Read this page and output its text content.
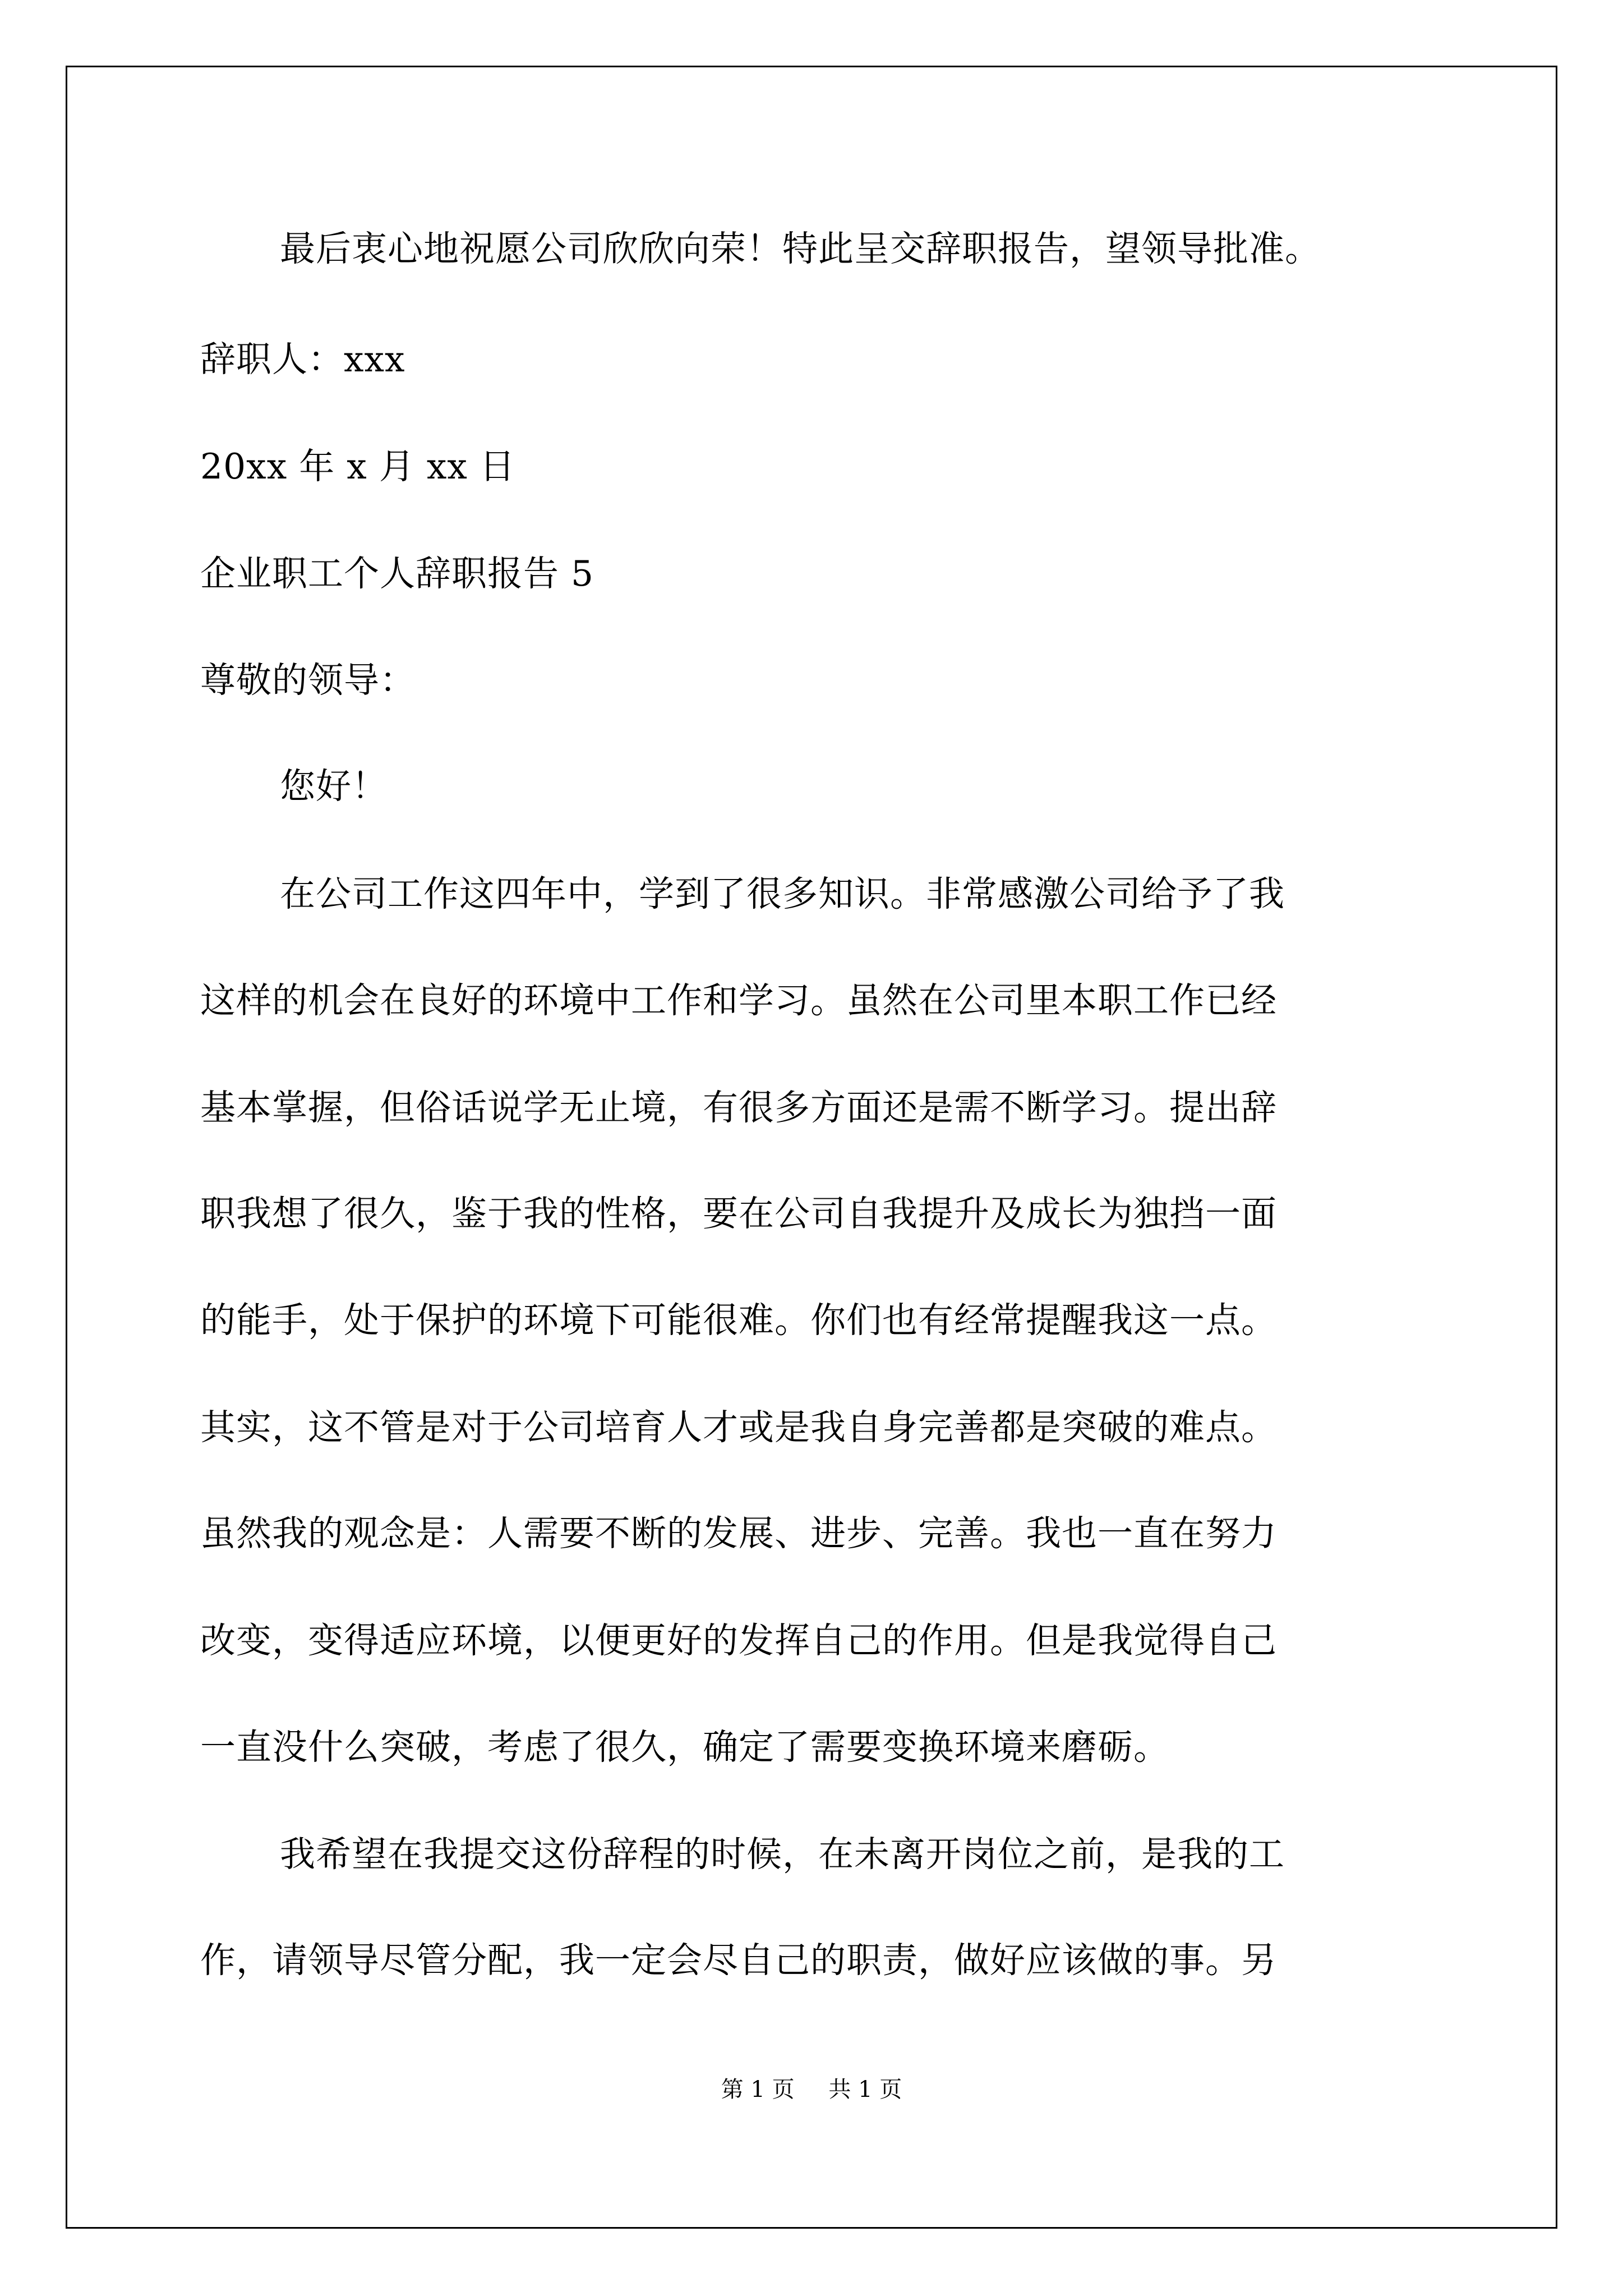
最后衷心地祝愿公司欣欣向荣！特此呈交辞职报告，望领导批准。
辞职人：xxx
20xx 年 x 月 xx 日
企业职工个人辞职报告 5
尊敬的领导：
您好！
在公司工作这四年中，学到了很多知识。非常感激公司给予了我
这样的机会在良好的环境中工作和学习。虽然在公司里本职工作已经
基本掌握，但俗话说学无止境，有很多方面还是需不断学习。提出辞
职我想了很久，鉴于我的性格，要在公司自我提升及成长为独挡一面
的能手，处于保护的环境下可能很难。你们也有经常提醒我这一点。
其实，这不管是对于公司培育人才或是我自身完善都是突破的难点。
虽然我的观念是：人需要不断的发展、进步、完善。我也一直在努力
改变，变得适应环境，以便更好的发挥自己的作用。但是我觉得自己
一直没什么突破，考虑了很久，确定了需要变换环境来磨砺。
我希望在我提交这份辞程的时候，在未离开岗位之前，是我的工
作，请领导尽管分配，我一定会尽自己的职责，做好应该做的事。另
第 1 页 共 1 页
